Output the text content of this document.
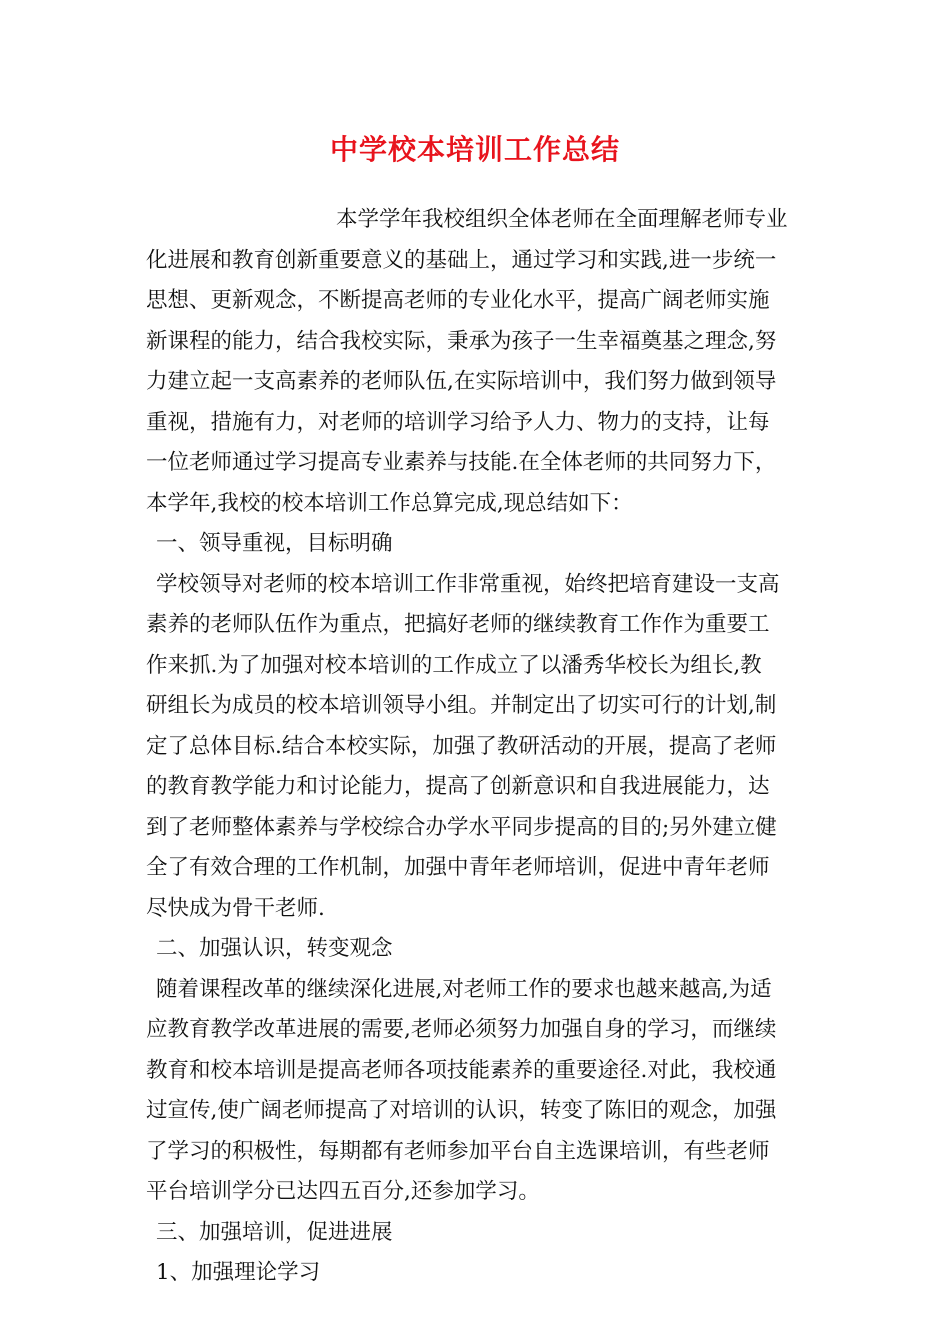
中学校本培训工作总结
本学学年我校组织全体老师在全面理解老师专业
化进展和教育创新重要意义的基础上，通过学习和实践,进一步统一
思想、更新观念，不断提高老师的专业化水平，提高广阔老师实施
新课程的能力，结合我校实际，秉承为孩子一生幸福奠基之理念,努
力建立起一支高素养的老师队伍,在实际培训中，我们努力做到领导
重视，措施有力，对老师的培训学习给予人力、物力的支持，让每
一位老师通过学习提高专业素养与技能.在全体老师的共同努力下，
本学年,我校的校本培训工作总算完成,现总结如下：
一、领导重视，目标明确
学校领导对老师的校本培训工作非常重视，始终把培育建设一支高
素养的老师队伍作为重点，把搞好老师的继续教育工作作为重要工
作来抓.为了加强对校本培训的工作成立了以潘秀华校长为组长,教
研组长为成员的校本培训领导小组。并制定出了切实可行的计划,制
定了总体目标.结合本校实际，加强了教研活动的开展，提高了老师
的教育教学能力和讨论能力，提高了创新意识和自我进展能力，达
到了老师整体素养与学校综合办学水平同步提高的目的;另外建立健
全了有效合理的工作机制，加强中青年老师培训，促进中青年老师
尽快成为骨干老师.
二、加强认识，转变观念
随着课程改革的继续深化进展,对老师工作的要求也越来越高,为适
应教育教学改革进展的需要,老师必须努力加强自身的学习，而继续
教育和校本培训是提高老师各项技能素养的重要途径.对此，我校通
过宣传,使广阔老师提高了对培训的认识，转变了陈旧的观念，加强
了学习的积极性，每期都有老师参加平台自主选课培训，有些老师
平台培训学分已达四五百分,还参加学习。
三、加强培训，促进进展
1、加强理论学习
